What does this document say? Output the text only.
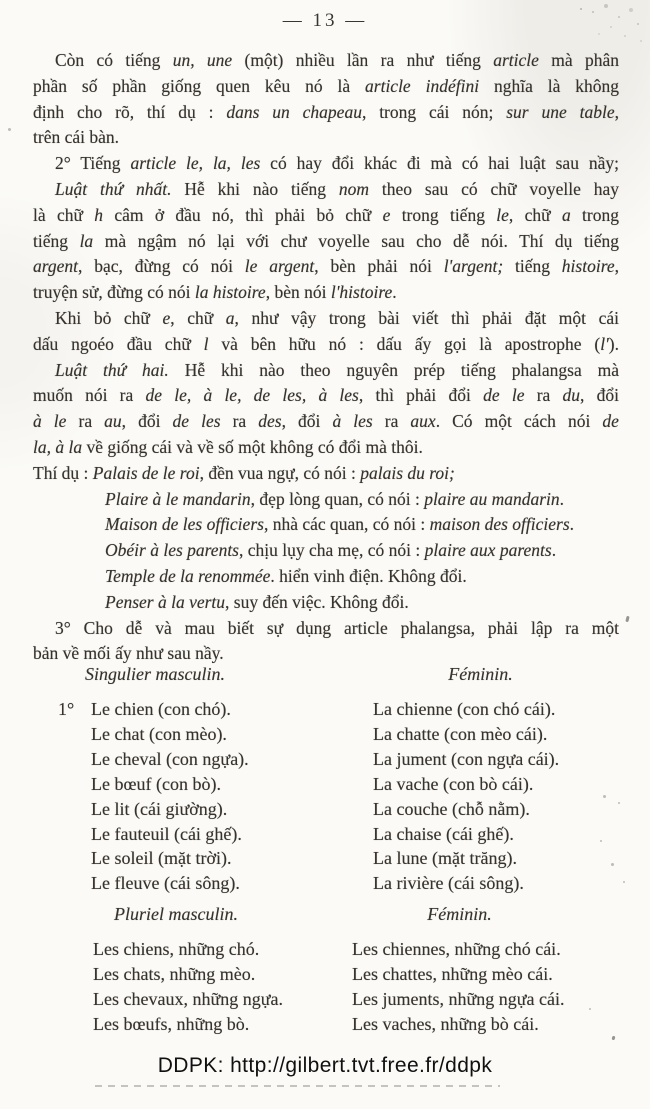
— 13 —
Còn có tiếng un, une (một) nhiều lần ra như tiếng article mà phân
phần số phần giống quen kêu nó là article indéfini nghĩa là không
định cho rõ, thí dụ : dans un chapeau, trong cái nón; sur une table,
trên cái bàn.
2° Tiếng article le, la, les có hay đổi khác đi mà có hai luật sau nầy;
Luật thứ nhất. Hễ khi nào tiếng nom theo sau có chữ voyelle hay
là chữ h câm ở đầu nó, thì phải bỏ chữ e trong tiếng le, chữ a trong
tiếng la mà ngậm nó lại với chư voyelle sau cho dễ nói. Thí dụ tiếng
argent, bạc, đừng có nói le argent, bèn phải nói l'argent; tiếng histoire,
truyện sử, đừng có nói la histoire, bèn nói l'histoire.
Khi bỏ chữ e, chữ a, như vậy trong bài viết thì phải đặt một cái
dấu ngoéo đầu chữ l và bên hữu nó : dấu ấy gọi là apostrophe (l').
Luật thứ hai. Hễ khi nào theo nguyên prép tiếng phalangsa mà
muốn nói ra de le, à le, de les, à les, thì phải đổi de le ra du, đổi
à le ra au, đổi de les ra des, đổi à les ra aux. Có một cách nói de
la, à la về giống cái và về số một không có đổi mà thôi.
Thí dụ : Palais de le roi, đền vua ngự, có nói : palais du roi;
Plaire à le mandarin, đẹp lòng quan, có nói : plaire au mandarin.
Maison de les officiers, nhà các quan, có nói : maison des officiers.
Obéir à les parents, chịu lụy cha mẹ, có nói : plaire aux parents.
Temple de la renommée. hiển vinh điện. Không đổi.
Penser à la vertu, suy đến việc. Không đổi.
3° Cho dễ và mau biết sự dụng article phalangsa, phải lập ra một
bản về mối ấy như sau nầy.
Singulier masculin.	Féminin.
1° Le chien (con chó).	La chienne (con chó cái).
Le chat (con mèo).	La chatte (con mèo cái).
Le cheval (con ngựa).	La jument (con ngựa cái).
Le bœuf (con bò).	La vache (con bò cái).
Le lit (cái giường).	La couche (chỗ nằm).
Le fauteuil (cái ghế).	La chaise (cái ghế).
Le soleil (mặt trời).	La lune (mặt trăng).
Le fleuve (cái sông).	La rivière (cái sông).
Pluriel masculin.	Féminin.
Les chiens, những chó.	Les chiennes, những chó cái.
Les chats, những mèo.	Les chattes, những mèo cái.
Les chevaux, những ngựa.	Les juments, những ngựa cái.
Les bœufs, những bò.	Les vaches, những bò cái.
DDPK: http://gilbert.tvt.free.fr/ddpk
